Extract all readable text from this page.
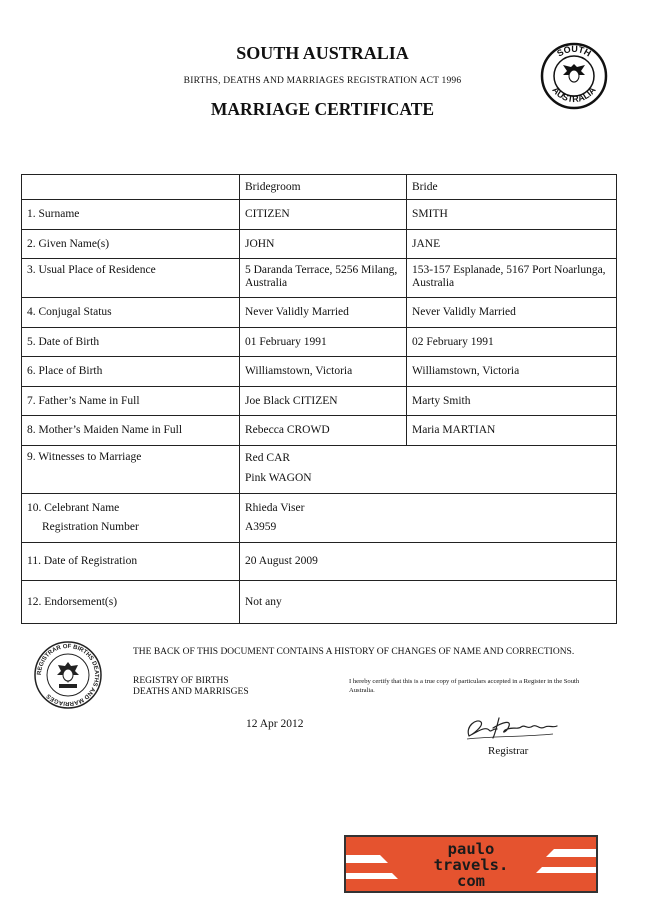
SOUTH AUSTRALIA
BIRTHS, DEATHS AND MARRIAGES REGISTRATION ACT 1996
MARRIAGE CERTIFICATE
SOUTH
AUSTRALIA
	Bridegroom	Bride
1. Surname	CITIZEN	SMITH
2. Given Name(s)	JOHN	JANE
3. Usual Place of Residence	5 Daranda Terrace, 5256 Milang, Australia	153-157 Esplanade, 5167 Port Noarlunga, Australia
4. Conjugal Status	Never Validly Married	Never Validly Married
5. Date of Birth	01 February 1991	02 February 1991
6. Place of Birth	Williamstown, Victoria	Williamstown, Victoria
7. Father’s Name in Full	Joe Black CITIZEN	Marty Smith
8. Mother’s Maiden Name in Full	Rebecca CROWD	Maria MARTIAN
9. Witnesses to Marriage	Red CAR
Pink WAGON	

10. Celebrant Name
Registration Number	Rhieda Viser
A3959	

11. Date of Registration	20 August 2009	
12. Endorsement(s)	Not any	
REGISTRAR OF BIRTHS DEATHS AND MARRIAGES
THE BACK OF THIS DOCUMENT CONTAINS A HISTORY OF CHANGES OF NAME AND CORRECTIONS.
REGISTRY OF BIRTHS
DEATHS AND MARRISGES
I hereby certify that this is a true copy of particulars accepted in a Register in the South Australia.
12 Apr 2012
Registrar
paulo
travels.
com
